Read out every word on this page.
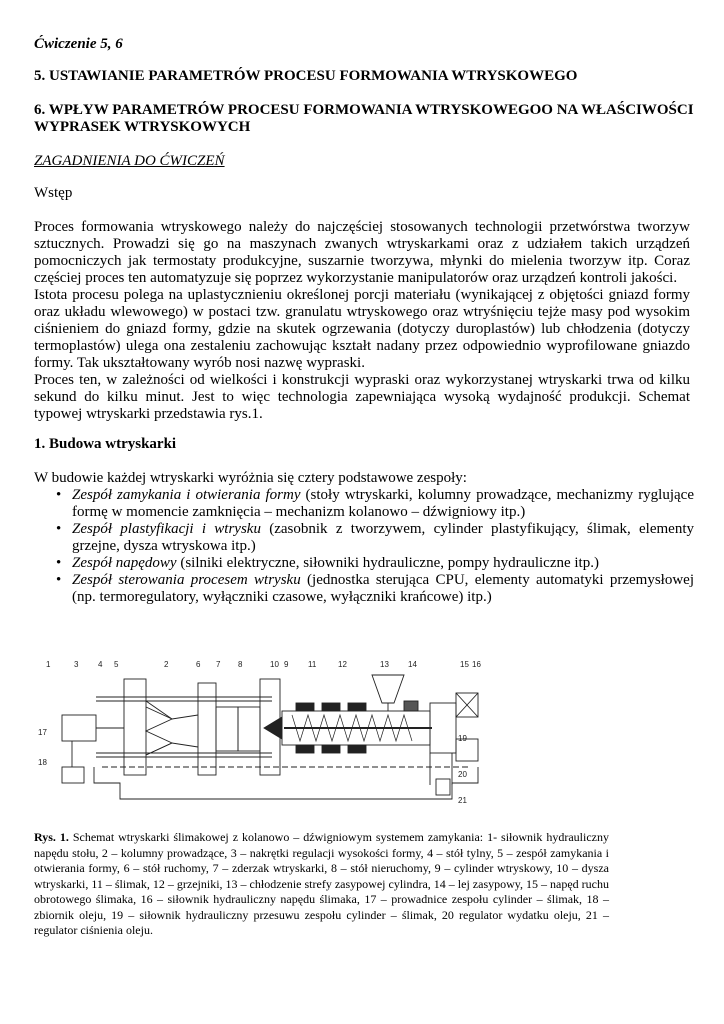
Ćwiczenie 5, 6

5. USTAWIANIE PARAMETRÓW PROCESU FORMOWANIA WTRYSKOWEGO

6. WPŁYW PARAMETRÓW PROCESU FORMOWANIA WTRYSKOWEGOO NA WŁAŚCIWOŚCI WYPRASEK WTRYSKOWYCH

ZAGADNIENIA DO ĆWICZEŃ

Wstęp

Proces formowania wtryskowego należy do najczęściej stosowanych technologii przetwórstwa tworzyw sztucznych. Prowadzi się go na maszynach zwanych wtryskarkami oraz z udziałem takich urządzeń pomocniczych jak termostaty produkcyjne, suszarnie tworzywa, młynki do mielenia tworzyw itp. Coraz częściej proces ten automatyzuje się poprzez wykorzystanie manipulatorów oraz urządzeń kontroli jakości.

Istota procesu polega na uplastycznieniu określonej porcji materiału (wynikającej z objętości gniazd formy oraz układu wlewowego) w postaci tzw. granulatu wtryskowego oraz wtryśnięciu tejże masy pod wysokim ciśnieniem do gniazd formy, gdzie na skutek ogrzewania (dotyczy duroplastów) lub chłodzenia (dotyczy termoplastów) ulega ona zestaleniu zachowując kształt nadany przez odpowiednio wyprofilowane gniazdo formy. Tak ukształtowany wyrób nosi nazwę wypraski.

Proces ten, w zależności od wielkości i konstrukcji wypraski oraz wykorzystanej wtryskarki trwa od kilku sekund do kilku minut. Jest to więc technologia zapewniająca wysoką wydajność produkcji. Schemat typowej wtryskarki przedstawia rys.1.

1. Budowa wtryskarki

W budowie każdej wtryskarki wyróżnia się cztery podstawowe zespoły:

• Zespół zamykania i otwierania formy (stoły wtryskarki, kolumny prowadzące, mechanizmy ryglujące formę w momencie zamknięcia – mechanizm kolanowo – dźwigniowy itp.)
• Zespół plastyfikacji i wtrysku (zasobnik z tworzywem, cylinder plastyfikujący, ślimak, elementy grzejne, dysza wtryskowa itp.)
• Zespół napędowy (silniki elektryczne, siłowniki hydrauliczne, pompy hydrauliczne itp.)
• Zespół sterowania procesem wtrysku (jednostka sterująca CPU, elementy automatyki przemysłowej (np. termoregulatory, wyłączniki czasowe, wyłączniki krańcowe) itp.)
1	3 4 5	2	6 7 8	10 9 11	12	13 14	15 16
17
18
19
20
21

Rys. 1. Schemat wtryskarki ślimakowej z kolanowo – dźwigniowym systemem zamykania: 1- siłownik hydrauliczny napędu stołu, 2 – kolumny prowadzące, 3 – nakrętki regulacji wysokości formy, 4 – stół tylny, 5 – zespół zamykania i otwierania formy, 6 – stół ruchomy, 7 – zderzak wtryskarki, 8 – stół nieruchomy, 9 – cylinder wtryskowy, 10 – dysza wtryskarki, 11 – ślimak, 12 – grzejniki, 13 – chłodzenie strefy zasypowej cylindra, 14 – lej zasypowy, 15 – napęd ruchu obrotowego ślimaka, 16 – siłownik hydrauliczny napędu ślimaka, 17 – prowadnice zespołu cylinder – ślimak, 18 – zbiornik oleju, 19 – siłownik hydrauliczny przesuwu zespołu cylinder – ślimak, 20 regulator wydatku oleju, 21 – regulator ciśnienia oleju.
